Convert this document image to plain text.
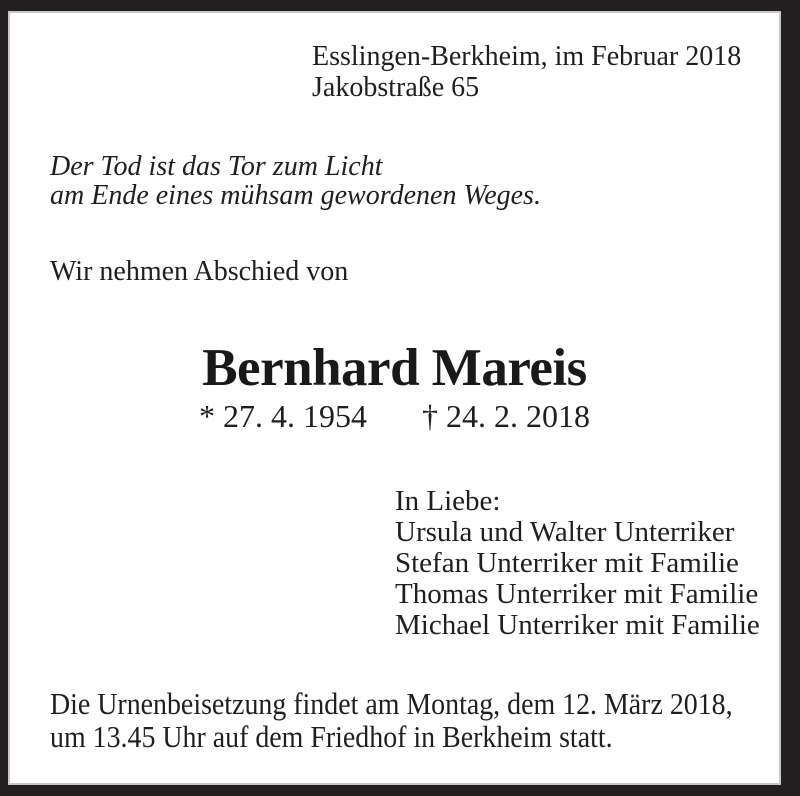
Esslingen-Berkheim, im Februar 2018
Jakobstraße 65
Der Tod ist das Tor zum Licht
am Ende eines mühsam gewordenen Weges.
Wir nehmen Abschied von
Bernhard Mareis
* 27. 4. 1954 † 24. 2. 2018
In Liebe:
Ursula und Walter Unterriker
Stefan Unterriker mit Familie
Thomas Unterriker mit Familie
Michael Unterriker mit Familie
Die Urnenbeisetzung findet am Montag, dem 12. März 2018,
um 13.45 Uhr auf dem Friedhof in Berkheim statt.
